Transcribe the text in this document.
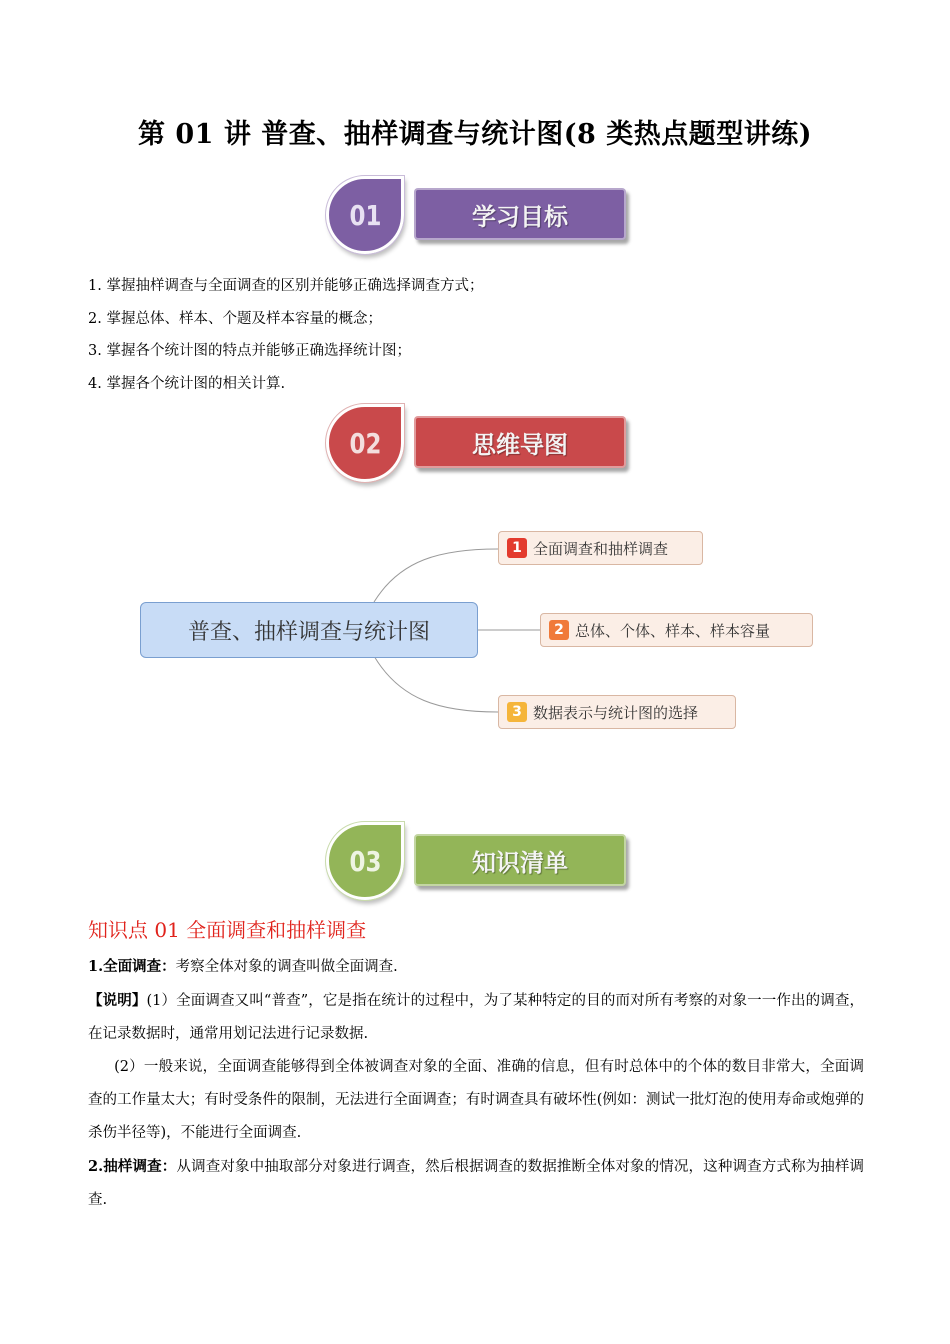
第 01 讲 普查、抽样调查与统计图(8 类热点题型讲练)
01	学习目标
1. 掌握抽样调查与全面调查的区别并能够正确选择调查方式；
2. 掌握总体、样本、个题及样本容量的概念；
3. 掌握各个统计图的特点并能够正确选择统计图；
4. 掌握各个统计图的相关计算.
02	思维导图
普查、抽样调查与统计图
1 全面调查和抽样调查
2 总体、个体、样本、样本容量
3 数据表示与统计图的选择
03	知识清单
知识点 01 全面调查和抽样调查

1.全面调查：考察全体对象的调查叫做全面调查.

【说明】(1）全面调查又叫“普查”，它是指在统计的过程中，为了某种特定的目的而对所有考察的对象一一作出的调查，在记录数据时，通常用划记法进行记录数据.

(2）一般来说，全面调查能够得到全体被调查对象的全面、准确的信息，但有时总体中的个体的数目非常大，全面调查的工作量太大；有时受条件的限制，无法进行全面调查；有时调查具有破坏性(例如：测试一批灯泡的使用寿命或炮弹的杀伤半径等)，不能进行全面调查.

2.抽样调查：从调查对象中抽取部分对象进行调查，然后根据调查的数据推断全体对象的情况，这种调查方式称为抽样调查.
